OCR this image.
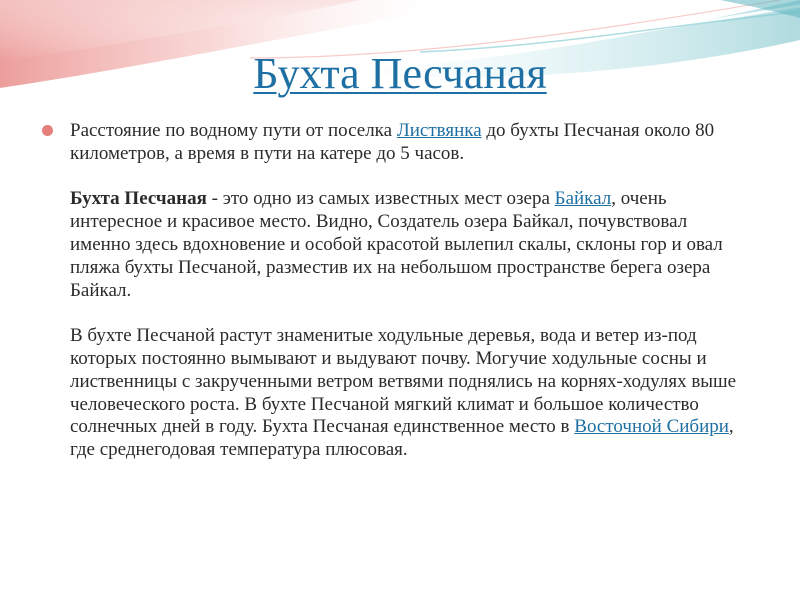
Бухта Песчаная

Расстояние по водному пути от поселка Листвянка до бухты Песчаная около 80 километров, а время в пути на катере до 5 часов.

Бухта Песчаная - это одно из самых известных мест озера Байкал, очень интересное и красивое место. Видно, Создатель озера Байкал, почувствовал именно здесь вдохновение и особой красотой вылепил скалы, склоны гор и овал пляжа бухты Песчаной, разместив их на небольшом пространстве берега озера Байкал.

В бухте Песчаной растут знаменитые ходульные деревья, вода и ветер из-под которых постоянно вымывают и выдувают почву. Могучие ходульные сосны и лиственницы с закрученными ветром ветвями поднялись на корнях-ходулях выше человеческого роста. В бухте Песчаной мягкий климат и большое количество солнечных дней в году. Бухта Песчаная единственное место в Восточной Сибири, где среднегодовая температура плюсовая.
